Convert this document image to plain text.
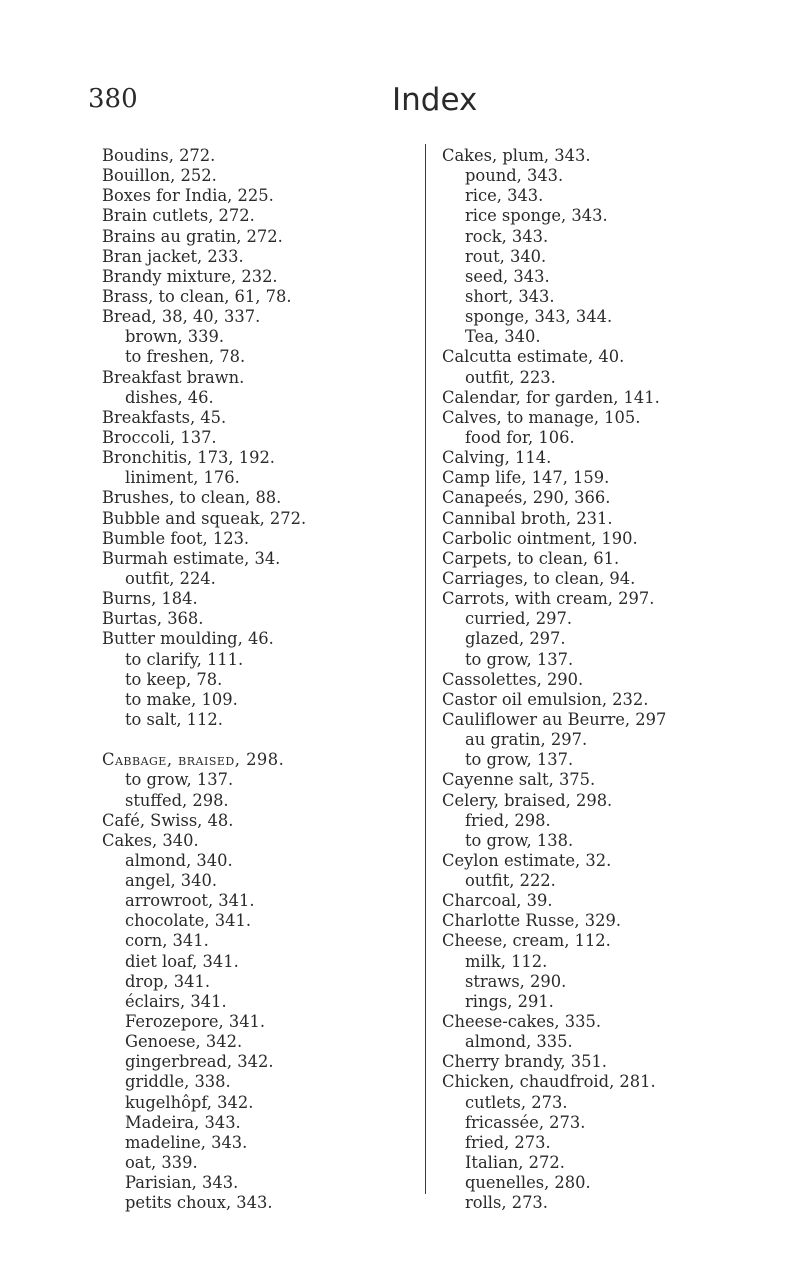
380	Index
Boudins, 272.
Bouillon, 252.
Boxes for India, 225.
Brain cutlets, 272.
Brains au gratin, 272.
Bran jacket, 233.
Brandy mixture, 232.
Brass, to clean, 61, 78.
Bread, 38, 40, 337.
brown, 339.
to freshen, 78.
Breakfast brawn.
dishes, 46.
Breakfasts, 45.
Broccoli, 137.
Bronchitis, 173, 192.
liniment, 176.
Brushes, to clean, 88.
Bubble and squeak, 272.
Bumble foot, 123.
Burmah estimate, 34.
outfit, 224.
Burns, 184.
Burtas, 368.
Butter moulding, 46.
to clarify, 111.
to keep, 78.
to make, 109.
to salt, 112.
Cabbage, braised, 298.
to grow, 137.
stuffed, 298.
Café, Swiss, 48.
Cakes, 340.
almond, 340.
angel, 340.
arrowroot, 341.
chocolate, 341.
corn, 341.
diet loaf, 341.
drop, 341.
éclairs, 341.
Ferozepore, 341.
Genoese, 342.
gingerbread, 342.
griddle, 338.
kugelhôpf, 342.
Madeira, 343.
madeline, 343.
oat, 339.
Parisian, 343.
petits choux, 343.
Cakes, plum, 343.
pound, 343.
rice, 343.
rice sponge, 343.
rock, 343.
rout, 340.
seed, 343.
short, 343.
sponge, 343, 344.
Tea, 340.
Calcutta estimate, 40.
outfit, 223.
Calendar, for garden, 141.
Calves, to manage, 105.
food for, 106.
Calving, 114.
Camp life, 147, 159.
Canapeés, 290, 366.
Cannibal broth, 231.
Carbolic ointment, 190.
Carpets, to clean, 61.
Carriages, to clean, 94.
Carrots, with cream, 297.
curried, 297.
glazed, 297.
to grow, 137.
Cassolettes, 290.
Castor oil emulsion, 232.
Cauliflower au Beurre, 297
au gratin, 297.
to grow, 137.
Cayenne salt, 375.
Celery, braised, 298.
fried, 298.
to grow, 138.
Ceylon estimate, 32.
outfit, 222.
Charcoal, 39.
Charlotte Russe, 329.
Cheese, cream, 112.
milk, 112.
straws, 290.
rings, 291.
Cheese-cakes, 335.
almond, 335.
Cherry brandy, 351.
Chicken, chaudfroid, 281.
cutlets, 273.
fricassée, 273.
fried, 273.
Italian, 272.
quenelles, 280.
rolls, 273.
